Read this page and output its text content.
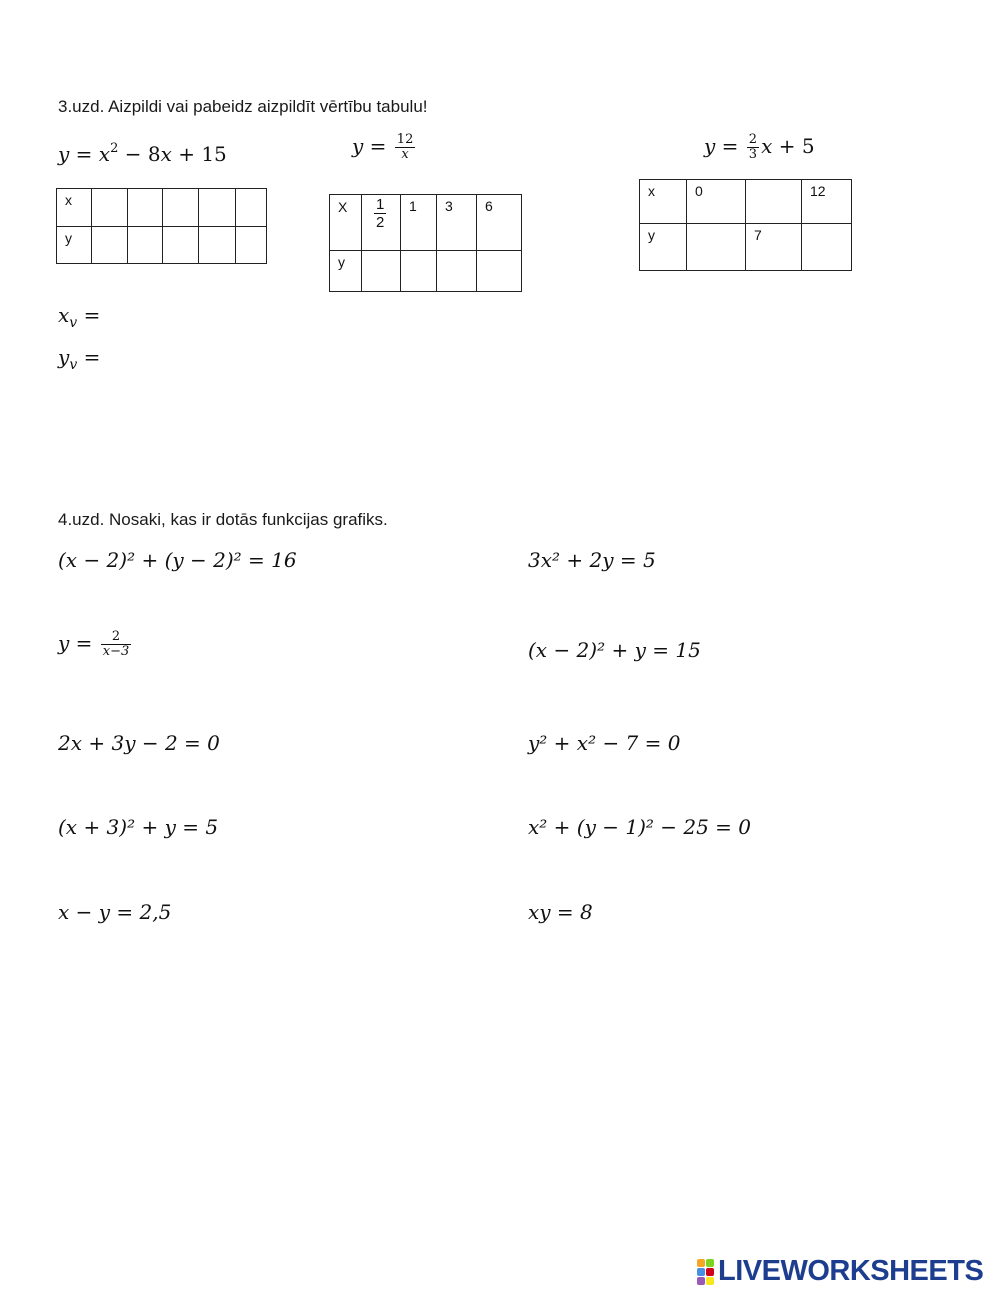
3.uzd. Aizpildi vai pabeidz aizpildīt vērtību tabulu!
$y = x^2 - 8x + 15$	$y = \frac{12}{x}$	$y = \frac{2}{3}$ x + 5
x					
y					
X	$\frac{1}{2}$	1	3	6
y				
x	0		12
y		7	
$x_v$ =
$y_v$ =
4.uzd. Nosaki, kas ir dotās funkcijas grafiks.
(x − 2)² + (y − 2)² = 16
$y = \frac{2}{x-3}$
2x + 3y − 2 = 0
(x + 3)² + y = 5
x − y = 2,5
3x² + 2y = 5
(x − 2)² + y = 15
y² + x² − 7 = 0
x² + (y − 1)² − 25 = 0
xy = 8
LIVEWORKSHEETS
